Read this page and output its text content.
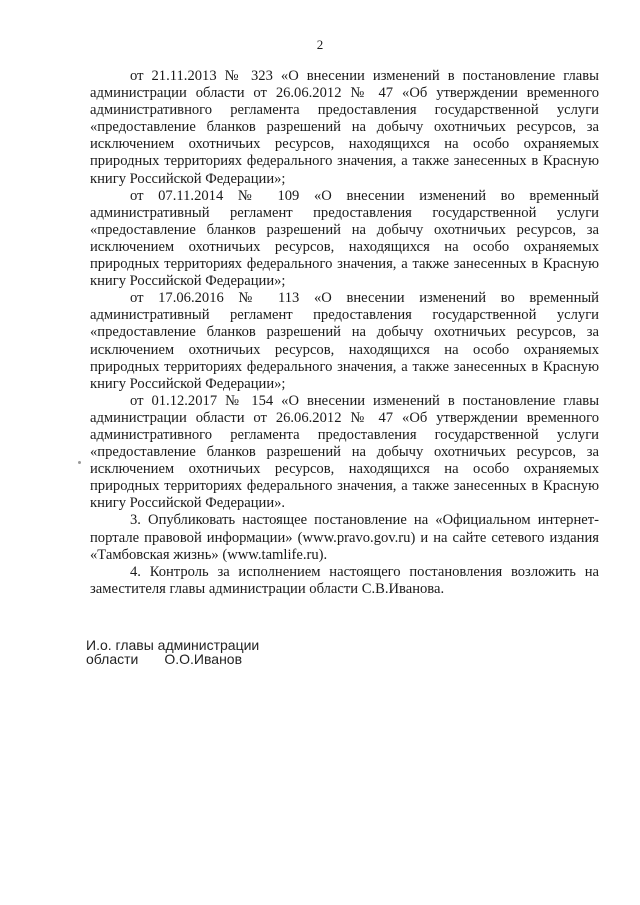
2

от 21.11.2013 № 323 «О внесении изменений в постановление главы администрации области от 26.06.2012 № 47 «Об утверждении временного административного регламента предоставления государственной услуги «предоставление бланков разрешений на добычу охотничьих ресурсов, за исключением охотничьих ресурсов, находящихся на особо охраняемых природных территориях федерального значения, а также занесенных в Красную книгу Российской Федерации»;

от 07.11.2014 № 109 «О внесении изменений во временный административный регламент предоставления государственной услуги «предоставление бланков разрешений на добычу охотничьих ресурсов, за исключением охотничьих ресурсов, находящихся на особо охраняемых природных территориях федерального значения, а также занесенных в Красную книгу Российской Федерации»;

от 17.06.2016 № 113 «О внесении изменений во временный административный регламент предоставления государственной услуги «предоставление бланков разрешений на добычу охотничьих ресурсов, за исключением охотничьих ресурсов, находящихся на особо охраняемых природных территориях федерального значения, а также занесенных в Красную книгу Российской Федерации»;

от 01.12.2017 № 154 «О внесении изменений в постановление главы администрации области от 26.06.2012 № 47 «Об утверждении временного административного регламента предоставления государственной услуги «предоставление бланков разрешений на добычу охотничьих ресурсов, за исключением охотничьих ресурсов, находящихся на особо охраняемых природных территориях федерального значения, а также занесенных в Красную книгу Российской Федерации».

3. Опубликовать настоящее постановление на «Официальном интернет-портале правовой информации» (www.pravo.gov.ru) и на сайте сетевого издания «Тамбовская жизнь» (www.tamlife.ru).

4. Контроль за исполнением настоящего постановления возложить на заместителя главы администрации области С.В.Иванова.

И.о. главы администрации
области О.О.Иванов
